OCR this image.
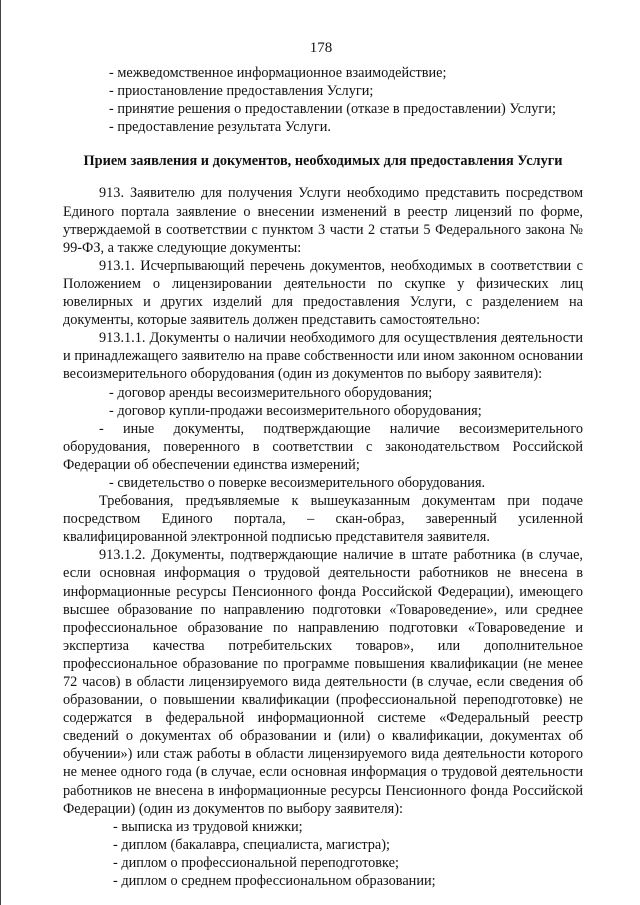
178

- межведомственное информационное взаимодействие;

- приостановление предоставления Услуги;

- принятие решения о предоставлении (отказе в предоставлении) Услуги;

- предоставление результата Услуги.

Прием заявления и документов, необходимых для предоставления Услуги

913. Заявителю для получения Услуги необходимо представить посредством Единого портала заявление о внесении изменений в реестр лицензий по форме, утверждаемой в соответствии с пунктом 3 части 2 статьи 5 Федерального закона № 99-ФЗ, а также следующие документы:

913.1. Исчерпывающий перечень документов, необходимых в соответствии с Положением о лицензировании деятельности по скупке у физических лиц ювелирных и других изделий для предоставления Услуги, с разделением на документы, которые заявитель должен представить самостоятельно:

913.1.1. Документы о наличии необходимого для осуществления деятельности и принадлежащего заявителю на праве собственности или ином законном основании весоизмерительного оборудования (один из документов по выбору заявителя):

- договор аренды весоизмерительного оборудования;

- договор купли-продажи весоизмерительного оборудования;

- иные документы, подтверждающие наличие весоизмерительного оборудования, поверенного в соответствии с законодательством Российской Федерации об обеспечении единства измерений;

- свидетельство о поверке весоизмерительного оборудования.

Требования, предъявляемые к вышеуказанным документам при подаче посредством Единого портала, – скан-образ, заверенный усиленной квалифицированной электронной подписью представителя заявителя.

913.1.2. Документы, подтверждающие наличие в штате работника (в случае, если основная информация о трудовой деятельности работников не внесена в информационные ресурсы Пенсионного фонда Российской Федерации), имеющего высшее образование по направлению подготовки «Товароведение», или среднее профессиональное образование по направлению подготовки «Товароведение и экспертиза качества потребительских товаров», или дополнительное профессиональное образование по программе повышения квалификации (не менее 72 часов) в области лицензируемого вида деятельности (в случае, если сведения об образовании, о повышении квалификации (профессиональной переподготовке) не содержатся в федеральной информационной системе «Федеральный реестр сведений о документах об образовании и (или) о квалификации, документах об обучении») или стаж работы в области лицензируемого вида деятельности которого не менее одного года (в случае, если основная информация о трудовой деятельности работников не внесена в информационные ресурсы Пенсионного фонда Российской Федерации) (один из документов по выбору заявителя):

- выписка из трудовой книжки;

- диплом (бакалавра, специалиста, магистра);

- диплом о профессиональной переподготовке;

- диплом о среднем профессиональном образовании;
